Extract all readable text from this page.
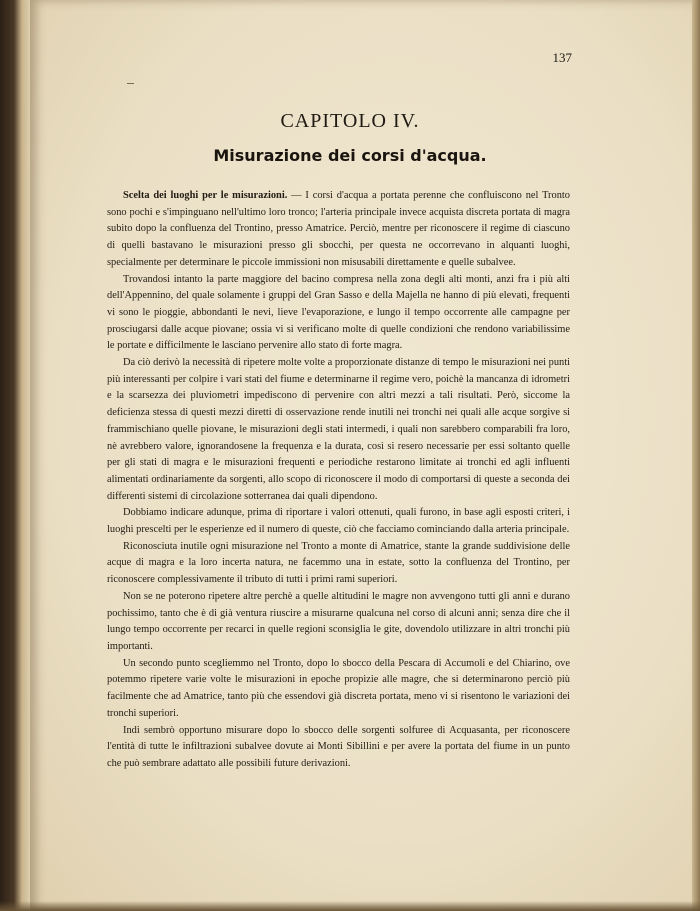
137
CAPITOLO IV.
Misurazione dei corsi d'acqua.

Scelta dei luoghi per le misurazioni. — I corsi d'acqua a portata perenne che confluiscono nel Tronto sono pochi e s'impinguano nell'ultimo loro tronco; l'arteria principale invece acquista discreta portata di magra subito dopo la confluenza del Trontino, presso Amatrice. Perciò, mentre per riconoscere il regime di ciascuno di quelli bastavano le misurazioni presso gli sbocchi, per questa ne occorrevano in alquanti luoghi, specialmente per determinare le piccole immissioni non misusabili direttamente e quelle subalvee.

Trovandosi intanto la parte maggiore del bacino compresa nella zona degli alti monti, anzi fra i più alti dell'Appennino, del quale solamente i gruppi del Gran Sasso e della Majella ne hanno di più elevati, frequenti vi sono le pioggie, abbondanti le nevi, lieve l'evaporazione, e lungo il tempo occorrente alle campagne per prosciugarsi dalle acque piovane; ossia vi si verificano molte di quelle condizioni che rendono variabilissime le portate e difficilmente le lasciano pervenire allo stato di forte magra.

Da ciò derivò la necessità di ripetere molte volte a proporzionate distanze di tempo le misurazioni nei punti più interessanti per colpire i vari stati del fiume e determinarne il regime vero, poichè la mancanza di idrometri e la scarsezza dei pluviometri impediscono di pervenire con altri mezzi a tali risultati. Però, siccome la deficienza stessa di questi mezzi diretti di osservazione rende inutili nei tronchi nei quali alle acque sorgive si frammischiano quelle piovane, le misurazioni degli stati intermedi, i quali non sarebbero comparabili fra loro, nè avrebbero valore, ignorandosene la frequenza e la durata, così si resero necessarie per essi soltanto quelle per gli stati di magra e le misurazioni frequenti e periodiche restarono limitate ai tronchi ed agli influenti alimentati ordinariamente da sorgenti, allo scopo di riconoscere il modo di comportarsi di queste a seconda dei differenti sistemi di circolazione sotterranea dai quali dipendono.

Dobbiamo indicare adunque, prima di riportare i valori ottenuti, quali furono, in base agli esposti criteri, i luoghi prescelti per le esperienze ed il numero di queste, ciò che facciamo cominciando dalla arteria principale.

Riconosciuta inutile ogni misurazione nel Tronto a monte di Amatrice, stante la grande suddivisione delle acque di magra e la loro incerta natura, ne facemmo una in estate, sotto la confluenza del Trontino, per riconoscere complessivamente il tributo di tutti i primi rami superiori.

Non se ne poterono ripetere altre perchè a quelle altitudini le magre non avvengono tutti gli anni e durano pochissimo, tanto che è di già ventura riuscire a misurarne qualcuna nel corso di alcuni anni; senza dire che il lungo tempo occorrente per recarci in quelle regioni sconsiglia le gite, dovendolo utilizzare in altri tronchi più importanti.

Un secondo punto scegliemmo nel Tronto, dopo lo sbocco della Pescara di Accumoli e del Chiarino, ove potemmo ripetere varie volte le misurazioni in epoche propizie alle magre, che si determinarono perciò più facilmente che ad Amatrice, tanto più che essendovi già discreta portata, meno vi si risentono le variazioni dei tronchi superiori.

Indi sembrò opportuno misurare dopo lo sbocco delle sorgenti solfuree di Acquasanta, per riconoscere l'entità di tutte le infiltrazioni subalvee dovute ai Monti Sibillini e per avere la portata del fiume in un punto che può sembrare adattato alle possibili future derivazioni.
